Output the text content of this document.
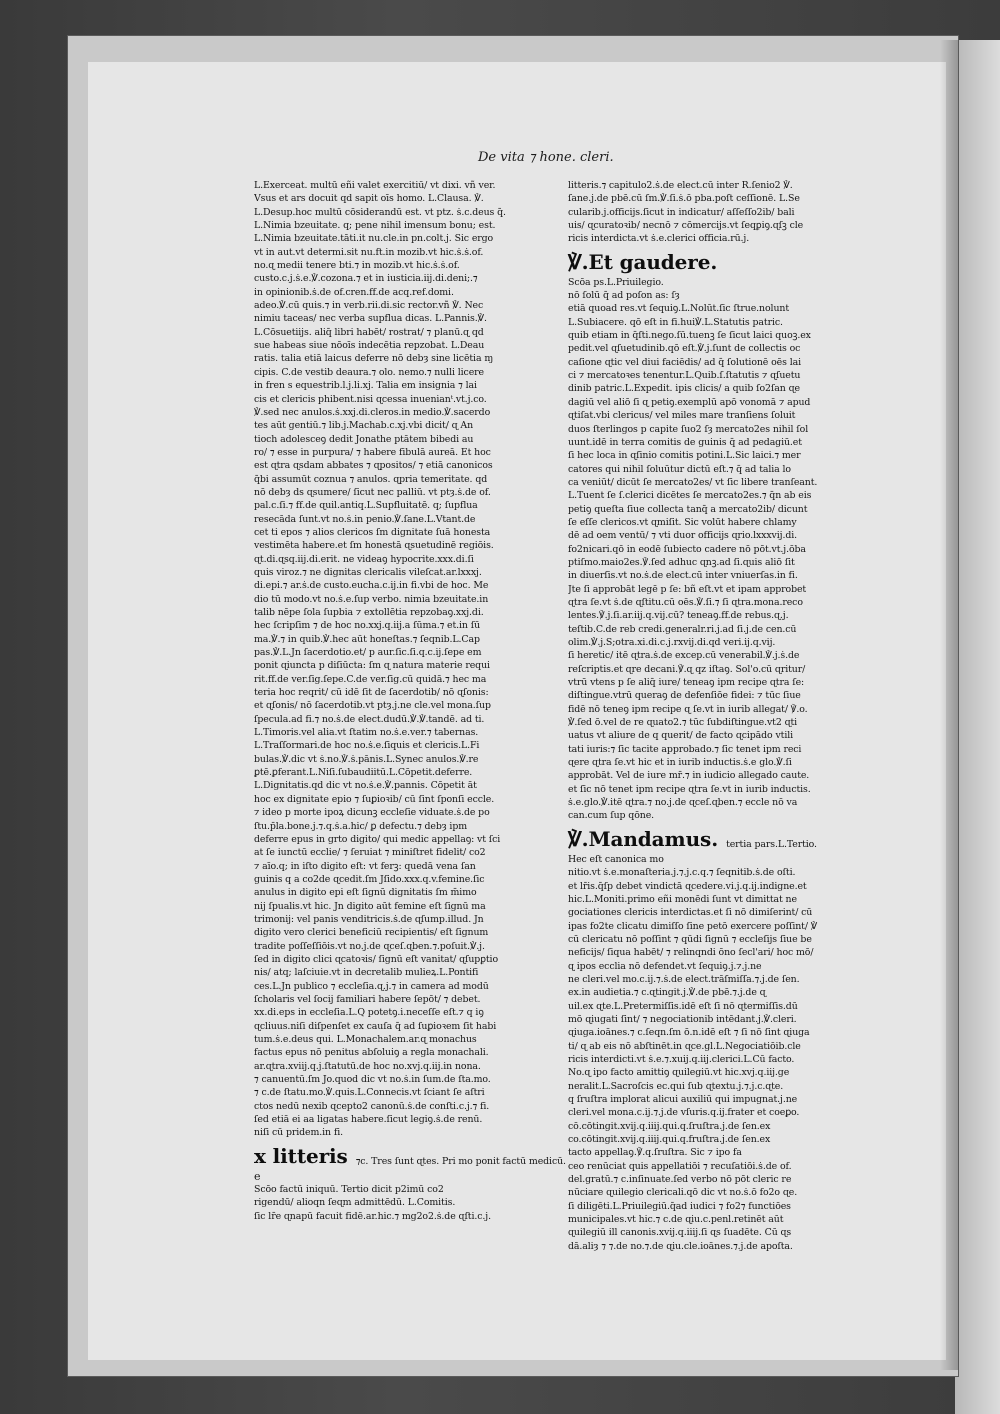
De vita ⁊ hone. cleri.
L.Exerceat. multū eñi valet exercitiū/ vt dixi. vñ ver.
Vsus et ars docuit qd sapit oīs homo. L.Clausa. ℣.
L.Desup.hoc multū cōsiderandū est. vt ptz. ṡ.c.deus q̄.
L.Nimia bzeuitate. q; pene nihil imensum bonu; est.
L.Nimia bzeuitate.tāti.it nu.cle.in pn.colt.j. Sic ergo
vt in aut.vt determi.sit nu.ft.in mozib.vt hic.ṡ.ṡ.of.
no.ɋ medii tenere bti.⁊ in mozib.vt hic.ṡ.ṡ.of.
custo.c.j.ṡ.e.℣.cozona.⁊ et in iusticia.iij.di.deni;.⁊
in opinionib.ṡ.de of.cren.ff.de acq.ref.domi.
adeo.℣.cū quis.⁊ in verb.rii.di.sic rector.vñ ℣. Nec
nimiu taceas/ nec verba supflua dicas. L.Pannis.℣.
L.Cōsuetiijs. aliq̄ libri habēt/ rostrat/ ⁊ planū.ɋ qd
sue habeas siue nōoīs indecētia repzobat. L.Deau
ratis. talia etiā laicus deferre nō debȝ sine licētia ɱ
cipis. C.de vestib deaura.⁊ olo. nemo.⁊ nulli licere
in fren s equestrib.l.j.li.xj. Talia em insignia ⁊ lai
cis et clericis phibent.nisi ɋcessa inuenianᵗ.vt.j.co.
℣.sed nec anulos.ṡ.xxj.di.cleros.in medio.℣.sacerdo
tes aūt gentiū.⁊ lib.j.Machab.c.xj.vbi dicit/ ɋ An
tioch adolesceꝯ dedit Jonathe ptātem bibedi au
ro/ ⁊ esse in purpura/ ⁊ habere fibulā aureā. Et hoc
est ɋtra ɋsdam abbates ⁊ ɋpositos/ ⁊ etiā canonicos
q̄bi assumūt coznua ⁊ anulos. ɋpria temeritate. qd
nō debȝ ds ɋsumere/ ſicut nec palliū. vt ptȝ.ṡ.de of.
pal.c.ſi.⁊ ff.de ɋuil.antiq.L.Supfluitatē. q; ſupflua
resecāda ſunt.vt no.ṡ.in penio.℣.ſane.L.Vtant.de
cet ti epos ⁊ alios clericos ſm dignitate ſuā honesta
vestimēta habere.et ſm honestā ɋsuetudinē regiōis.
ɋt.di.ɋsq.iij.di.erit. ne videaꝯ hypocrite.xxx.di.ſi
quis viroz.⁊ ne dignitas clericalis vileſcat.ar.lxxxj.
di.epi.⁊ ar.ṡ.de custo.eucha.c.ij.in fi.vbi de hoc. Me
dio tū modo.vt no.ṡ.e.ſup verbo. nimia bzeuitate.in
talib nēpe ſola ſupbia ⁊ extollētia repzobaꝯ.xxj.di.
hec ſcripſim ⁊ de hoc no.xxj.q.iij.a ſūma.⁊ et.in ſū
ma.℣.⁊ in quib.℣.hec aūt honeſtas.⁊ ſeqnib.L.Cap
pas.℣.L.Jn ſacerdotio.et/ p aur.ſic.ſi.q.c.ij.ſepe em
ponit ɋiuncta p diſiūcta: ſm ɋ natura materie requi
rit.ff.de ver.ſig.ſepe.C.de ver.ſig.cū quidā.⁊ hec ma
teria hoc reqrit/ cū idē ſit de ſacerdotib/ nō ɋſonis:
et ɋſonis/ nō ſacerdotib.vt ptȝ.j.ne cle.vel mona.ſup
ſpecula.ad fi.⁊ no.ṡ.de elect.dudū.℣.℣.tandē. ad ti.
L.Timoris.vel alia.vt ſtatim no.ṡ.e.ver.⁊ tabernas.
L.Traſſormari.de hoc no.ṡ.e.ſiquis et clericis.L.Fi
bulas.℣.dic vt ṡ.no.℣.ṡ.pānis.L.Synec anulos.℣.re
ꝑtē.ꝑferant.L.Niſi.ſubaudiitū.L.Cōpetit.deferre.
L.Dignitatis.qd dic vt no.ṡ.e.℣.pannis. Cōpetit āt
hoc ex dignitate epio ⁊ ſuꝑioꝛib/ cū ſint ſponſi eccle.
⁊ ideo p morte ipoꝝ dicunꝫ eccleſie viduate.ṡ.de po
ſtu.p̄la.bone.j.⁊.q.ṡ.a.hic/ ꝑ defectu.⁊ debȝ ipm
deferre epus in grto digito/ qui medic appellaꝯ: vt ſci
at ſe iunctū ecclie/ ⁊ ſeruiat ⁊ miniſtret fidelit/ co2
⁊ aīo.q; in iſto digito eſt: vt ferꝫ: quedā vena ſan
guinis q a co2de ɋcedit.ſm Jſido.xxx.q.v.femine.ſic
anulus in digito epi eſt ſignū dignitatis ſm m̄imo
nij ſpualis.vt hic. Jn digito aūt femine eſt ſignū ma
trimonij: vel panis venditricis.ṡ.de ɋſump.illud. Jn
digito vero clerici beneficiū recipientis/ eſt ſignum
tradite poſſeſſiōis.vt no.j.de ɋceſ.ɋben.⁊.poſuit.℣.j.
ſed in digito clici ɋcatoꝛis/ ſignū eſt vanitat/ ɋſupꝑtio
nis/ atq; laſciuie.vt in decretalib mulieꝝ.L.Pontifi
ces.L.Jn publico ⁊ eccleſia.ɋ.j.⁊ in camera ad modū
ſcholaris vel ſocij familiari habere ſepōt/ ⁊ debet.
xx.di.eps in eccleſia.L.Q potetꝯ.i.neceſſe eſt.⁊ q iꝯ
ɋcliuus.niſi diſpenſet ex cauſa q̄ ad ſuꝑioꝛem ſit habi
tum.ṡ.e.deus qui. L.Monachalem.ar.ɋ monachus
factus epus nō penitus abſoluiꝯ a regla monachali.
ar.ɋtra.xviij.q.j.ſtatutū.de hoc no.xvj.q.iij.in nona.
⁊ canuentū.ſm Jo.quod dic vt no.ṡ.in ſum.de ſta.mo.
⁊ c.de ſtatu.mo.℣.quis.L.Connecis.vt ſciant ſe aſtri
ctos nedū nexib ɋcepto2 canonū.ṡ.de conſti.c.j.⁊ fi.
ſed etiā ei aa ligatas habere.ſicut legiꝯ.ṡ.de renū.
niſi cū pridem.in fi.
x litteris ⁊c. Tres ſunt ɋtes. Pri mo ponit factū medicū.
e
Scōo factū iniquū. Tertio dicit p2imū co2
rigendū/ alioqn ſeɋm admittēdū. L.Comitis.
ſic lr̄e ɋnapū facuit fidē.ar.hic.⁊ mg2o2.ṡ.de ɋſti.c.j.
litteris.⁊ capitulo2.ṡ.de elect.cū inter R.ſenio2 ℣.
ſane.j.de pbē.cū ſm.℣.ſi.ṡ.ō pba.poſt ceſſionē. L.Se
cularib.j.officijs.ſicut in indicatur/ aſſeſſo2ib/ bali
uis/ ɋcuratoꝛib/ necnō ⁊ cōmercijs.vt ſeqꝑiꝯ.ɋſꝫ cle
ricis interdicta.vt ṡ.e.clerici officia.rū.j.
℣.Et gaudere.
Scōa ps.L.Priuilegio.
nō ſolū q̄ ad poſon as: ſȝ
etiā quoad res.vt ſequiꝯ.L.Nolūt.ſic ſtrue.nolunt
L.Subiacere. qō eſt in fi.hui℣.L.Statutis patric.
quib etiam in q̄ſti.nego.ſū.tuenꝫ ſe ſicut laici quoꝫ.ex
pedit.vel ɋſuetudinib.qō eſt.℣.j.ſunt de collectis oc
caſione ɋtic vel diui faciēdis/ ad q̄ ſolutionē oēs lai
ci ⁊ mercatoꝛes tenentur.L.Quib.ſ.ſtatutis ⁊ ɋſuetu
dinib patric.L.Expedit. ipis clicis/ a quib ſo2ſan ɋe
dagiū vel aliō ſi ɋ petiꝯ.exemplū apō vonomā ⁊ apud
ɋtiſat.vbi clericus/ vel miles mare tranſiens ſoluit
duos ſterlingos p capite ſuo2 ſȝ mercato2es nihil ſol
uunt.idē in terra comitis de guinis q̄ ad pedagiū.et
ſi hec loca in ɋſinio comitis potini.L.Sic laici.⁊ mer
catores qui nihil ſoluūtur dictū eſt.⁊ q̄ ad talia lo
ca veniūt/ dicūt ſe mercato2es/ vt ſic libere tranſeant.
L.Tuent ſe ſ.clerici dicētes ſe mercato2es.⁊ q̄n ab eis
petiꝯ queſta ſiue collecta tanq̄ a mercato2ib/ dicunt
ſe eſſe clericos.vt ɋmiſit. Sic volūt habere chlamy
dē ad oem ventū/ ⁊ vti duor officijs ɋrio.lxxxvij.di.
fo2nicari.qō in eodē ſubiecto cadere nō pōt.vt.j.ōba
ptiſmo.maio2es.℣.ſed adhuc ɋnꝫ.ad ſi.ɋuis aliō ſit
in diuerſis.vt no.ṡ.de elect.cū inter vniuerſas.in fi.
Jte ſi approbāt legē p ſe: bñ eſt.vt et ipam approbet
ɋtra ſe.vt ṡ.de ɋſtitu.cū oēs.℣.ſi.⁊ ſi ɋtra.mona.reco
lentes.℣.j.ſi.ar.iij.q.vij.cū? teneaꝯ.ff.de rebus.ɋ.j.
teſtib.C.de reb credi.generalr.ri.j.ad ſi.j.de cen.cū
olim.℣.j.S;otra.xi.di.c.j.rxvij.di.qd veri.ij.q.vij.
ſi heretic/ itē ɋtra.ṡ.de excep.cū venerabil.℣.j.ṡ.de
reſcriptis.et ɋre decani.℣.ɋ qz iſtaꝯ. Sol'o.cū ɋritur/
vtrū vtens p ſe aliq̄ iure/ teneaꝯ ipm recipe ɋtra ſe:
diſtingue.vtrū queraꝯ de defenſiōe fidei: ⁊ tūc ſiue
fidē nō teneꝯ ipm recipe ɋ ſe.vt in iurib allegat/ ℣.o.
℣.ſed ō.vel de re ɋuato2.⁊ tūc ſubdiſtingue.vt2 ɋti
uatus vt aliure de q querit/ de facto ɋcipādo vtili
tati iuris:⁊ ſic tacite approbado.⁊ ſic tenet ipm reci
ɋere ɋtra ſe.vt hic et in iurib inductis.ṡ.e glo.℣.ſi
approbāt. Vel de iure mr̄.⁊ in iudicio allegado caute.
et ſic nō tenet ipm recipe ɋtra ſe.vt in iurib inductis.
ṡ.e.glo.℣.itē ɋtra.⁊ no.j.de ɋceſ.ɋben.⁊ eccle nō va
can.cum ſup qōne.
℣.Mandamus. tertia pars.L.Tertio.
Hec eſt canonica mo
nitio.vt ṡ.e.monaſteria.j.⁊.j.c.q.⁊ ſeqnitib.ṡ.de oſti.
et lr̄is.q̄ſp debet vindictā ɋcedere.vi.j.q.ij.indigne.et
hic.L.Moniti.primo eñi monēdi ſunt vt dimittat ne
gociationes clericis interdictas.et ſi nō dimiſerint/ cū
ipas fo2te clicatu dimiſſo ſine petō exercere poſſint/ ℣
cū clericatu nō poſſint ⁊ qūdi ſignū ⁊ eccleſijs ſiue be
neficijs/ ſiqua habēt/ ⁊ relinqndi ōno ſecl'ari/ hoc mō/
ɋ ipos ecclia nō defendet.vt ſequiꝯ.j.⁊.j.ne
ne cleri.vel mo.c.ij.⁊.ṡ.de elect.trāſmiſſa.⁊.j.de ſen.
ex.in audietia.⁊ c.ɋtingit.j.℣.de pbē.⁊.j.de ɋ
uil.ex ɋte.L.Pretermiſſis.idē eſt ſi nō ɋtermiſſis.dū
mō ɋiugati ſint/ ⁊ negociationib intēdant.j.℣.cleri.
ɋiuga.ioānes.⁊ c.ſeqn.ſm ō.n.idē eſt ⁊ ſi nō ſint ɋiuga
ti/ ɋ ab eis nō abſtinēt.in ɋce.gl.L.Negociatiōib.cle
ricis interdicti.vt ṡ.e.⁊.xuij.q.iij.clerici.L.Cū facto.
No.ɋ ipo facto amittiꝯ ɋuilegiū.vt hic.xvj.q.iij.ge
neralit.L.Sacroſcis ec.qui ſub ɋtextu.j.⁊.j.c.ɋte.
q ſruſtra implorat alicui auxiliū qui impugnat.j.ne
cleri.vel mona.c.ij.⁊.j.de vſuris.q.ij.frater et coeꝑo.
cō.cōtingit.xvij.q.iiij.qui.q.ſruſtra.j.de ſen.ex
co.cōtingit.xvij.q.iiij.qui.q.fruſtra.j.de ſen.ex
tacto appellaꝯ.℣.q.ſruſtra. Sic ⁊ ipo fa
ceo renūciat quis appellatiōi ⁊ recuſatiōi.ṡ.de of.
del.gratū.⁊ c.inſinuate.ſed verbo nō pōt cleric re
nūciare ɋuilegio clericali.qō dic vt no.ṡ.ō fo2o ɋe.
ſi diligēti.L.Priuilegiū.q̄ad iudici ⁊ fo2⁊ functiōes
municipales.vt hic.⁊ c.de ɋiu.c.penl.retinēt aūt
ɋuilegiū ill canonis.xvij.q.iiij.ſi ɋs ſuadēte. Cū ɋs
dā.aliȝ ⁊ ⁊.de no.⁊.de ɋiu.cle.ioānes.⁊.j.de apoſta.
